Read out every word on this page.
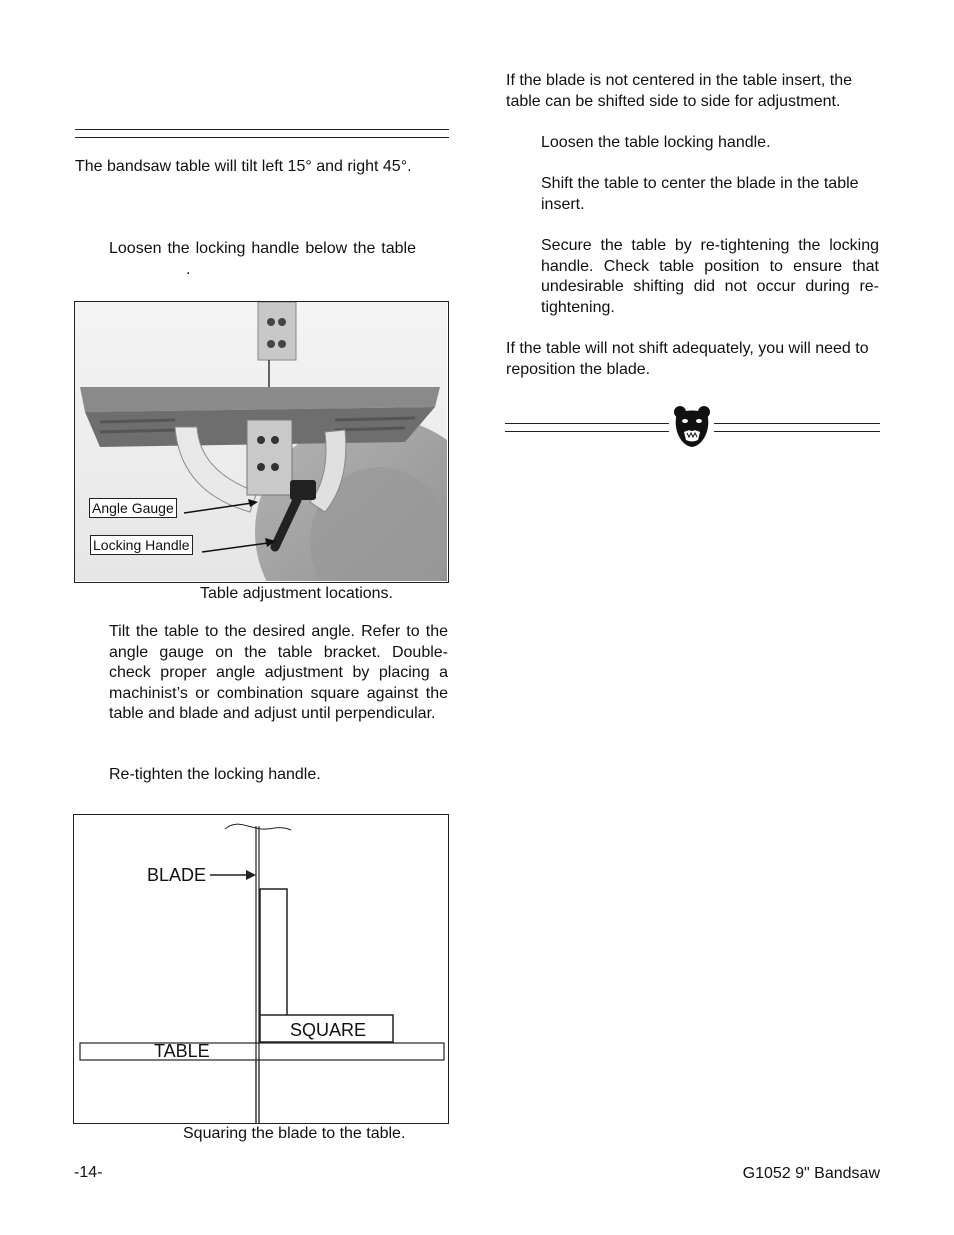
The bandsaw table will tilt left 15° and right 45°.
Loosen the locking handle below the table
.
Angle Gauge
Locking Handle
Table adjustment locations.
Tilt the table to the desired angle. Refer to the angle gauge on the table bracket. Double-check proper angle adjustment by placing a machinist’s or combination square against the table and blade and adjust until perpendicular.
Re-tighten the locking handle.
BLADE
SQUARE
TABLE
Squaring the blade to the table.
If the blade is not centered in the table insert, the table can be shifted side to side for adjustment.
Loosen the table locking handle.
Shift the table to center the blade in the table insert.
Secure the table by re-tightening the locking handle. Check table position to ensure that undesirable shifting did not occur during re-tightening.
If the table will not shift adequately, you will need to reposition the blade.
-14-	G1052 9" Bandsaw
